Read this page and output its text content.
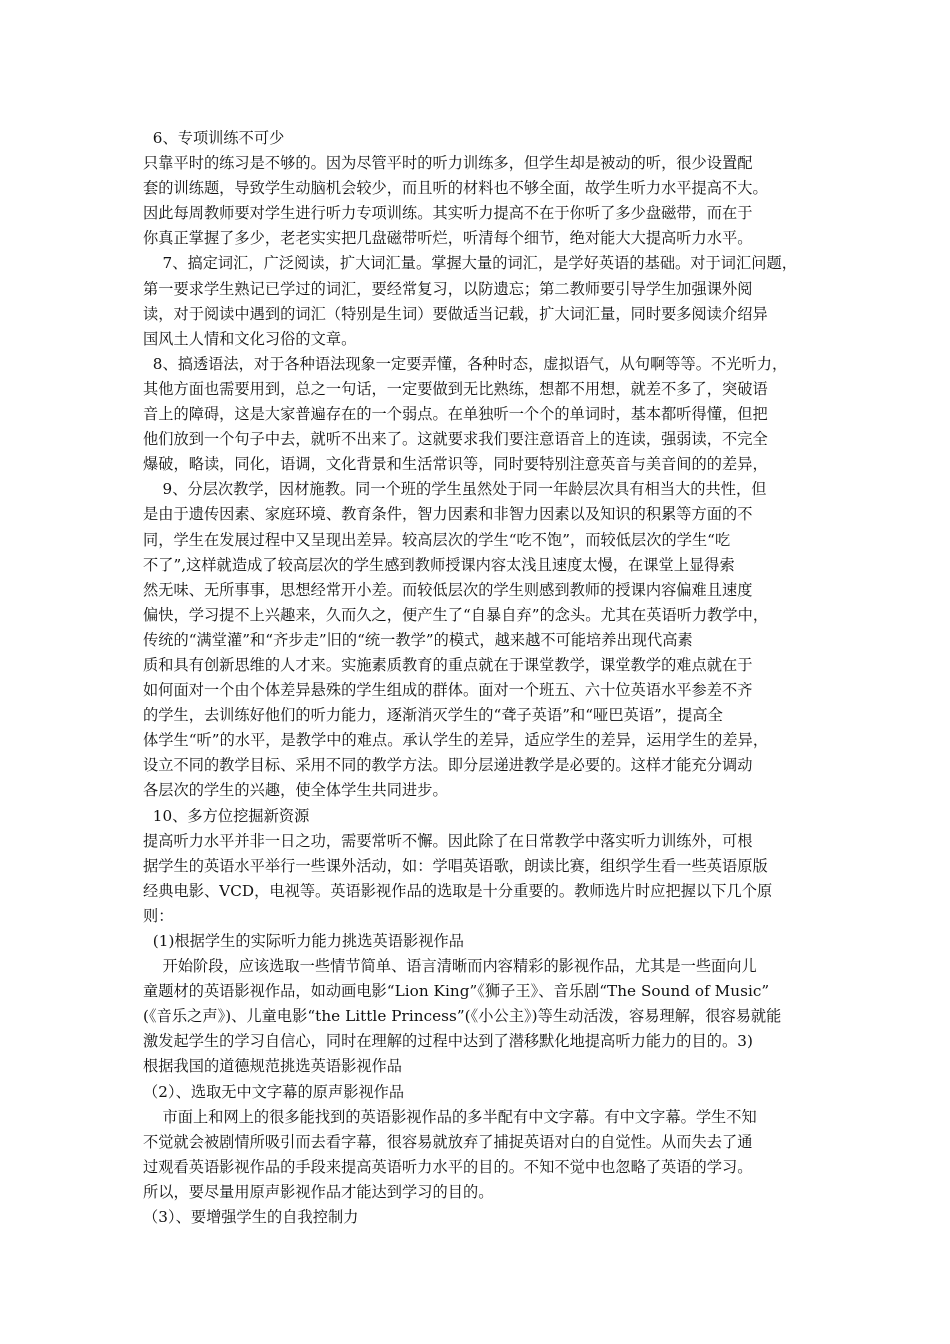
6、专项训练不可少
只靠平时的练习是不够的。因为尽管平时的听力训练多，但学生却是被动的听，很少设置配
套的训练题，导致学生动脑机会较少，而且听的材料也不够全面，故学生听力水平提高不大。
因此每周教师要对学生进行听力专项训练。其实听力提高不在于你听了多少盘磁带，而在于
你真正掌握了多少，老老实实把几盘磁带听烂，听清每个细节，绝对能大大提高听力水平。
7、搞定词汇，广泛阅读，扩大词汇量。掌握大量的词汇，是学好英语的基础。对于词汇问题，
第一要求学生熟记已学过的词汇，要经常复习，以防遗忘；第二教师要引导学生加强课外阅
读，对于阅读中遇到的词汇（特别是生词）要做适当记载，扩大词汇量，同时要多阅读介绍异
国风土人情和文化习俗的文章。
8、搞透语法，对于各种语法现象一定要弄懂，各种时态，虚拟语气，从句啊等等。不光听力，
其他方面也需要用到，总之一句话，一定要做到无比熟练，想都不用想，就差不多了，突破语
音上的障碍，这是大家普遍存在的一个弱点。在单独听一个个的单词时，基本都听得懂，但把
他们放到一个句子中去，就听不出来了。这就要求我们要注意语音上的连读，强弱读，不完全
爆破，略读，同化，语调，文化背景和生活常识等，同时要特别注意英音与美音间的的差异，
9、分层次教学，因材施教。同一个班的学生虽然处于同一年龄层次具有相当大的共性，但
是由于遗传因素、家庭环境、教育条件，智力因素和非智力因素以及知识的积累等方面的不
同，学生在发展过程中又呈现出差异。较高层次的学生“吃不饱”，而较低层次的学生“吃
不了”,这样就造成了较高层次的学生感到教师授课内容太浅且速度太慢，在课堂上显得索
然无味、无所事事，思想经常开小差。而较低层次的学生则感到教师的授课内容偏难且速度
偏快，学习提不上兴趣来，久而久之，便产生了“自暴自弃”的念头。尤其在英语听力教学中，
传统的“满堂灌”和“齐步走”旧的“统一教学”的模式，越来越不可能培养出现代高素
质和具有创新思维的人才来。实施素质教育的重点就在于课堂教学，课堂教学的难点就在于
如何面对一个由个体差异悬殊的学生组成的群体。面对一个班五、六十位英语水平参差不齐
的学生，去训练好他们的听力能力，逐渐消灭学生的“聋子英语”和“哑巴英语”，提高全
体学生“听”的水平，是教学中的难点。承认学生的差异，适应学生的差异，运用学生的差异，
设立不同的教学目标、采用不同的教学方法。即分层递进教学是必要的。这样才能充分调动
各层次的学生的兴趣，使全体学生共同进步。
10、多方位挖掘新资源
提高听力水平并非一日之功，需要常听不懈。因此除了在日常教学中落实听力训练外，可根
据学生的英语水平举行一些课外活动，如：学唱英语歌，朗读比赛，组织学生看一些英语原版
经典电影、VCD，电视等。英语影视作品的选取是十分重要的。教师选片时应把握以下几个原
则：
(1)根据学生的实际听力能力挑选英语影视作品
开始阶段，应该选取一些情节简单、语言清晰而内容精彩的影视作品，尤其是一些面向儿
童题材的英语影视作品，如动画电影“Lion King”《狮子王》、音乐剧“The Sound of Music”
(《音乐之声》)、儿童电影“the Little Princess”(《小公主》)等生动活泼，容易理解，很容易就能
激发起学生的学习自信心，同时在理解的过程中达到了潜移默化地提高听力能力的目的。3)
根据我国的道德规范挑选英语影视作品
（2）、选取无中文字幕的原声影视作品
市面上和网上的很多能找到的英语影视作品的多半配有中文字幕。有中文字幕。学生不知
不觉就会被剧情所吸引而去看字幕，很容易就放弃了捕捉英语对白的自觉性。从而失去了通
过观看英语影视作品的手段来提高英语听力水平的目的。不知不觉中也忽略了英语的学习。
所以，要尽量用原声影视作品才能达到学习的目的。
（3）、要增强学生的自我控制力
